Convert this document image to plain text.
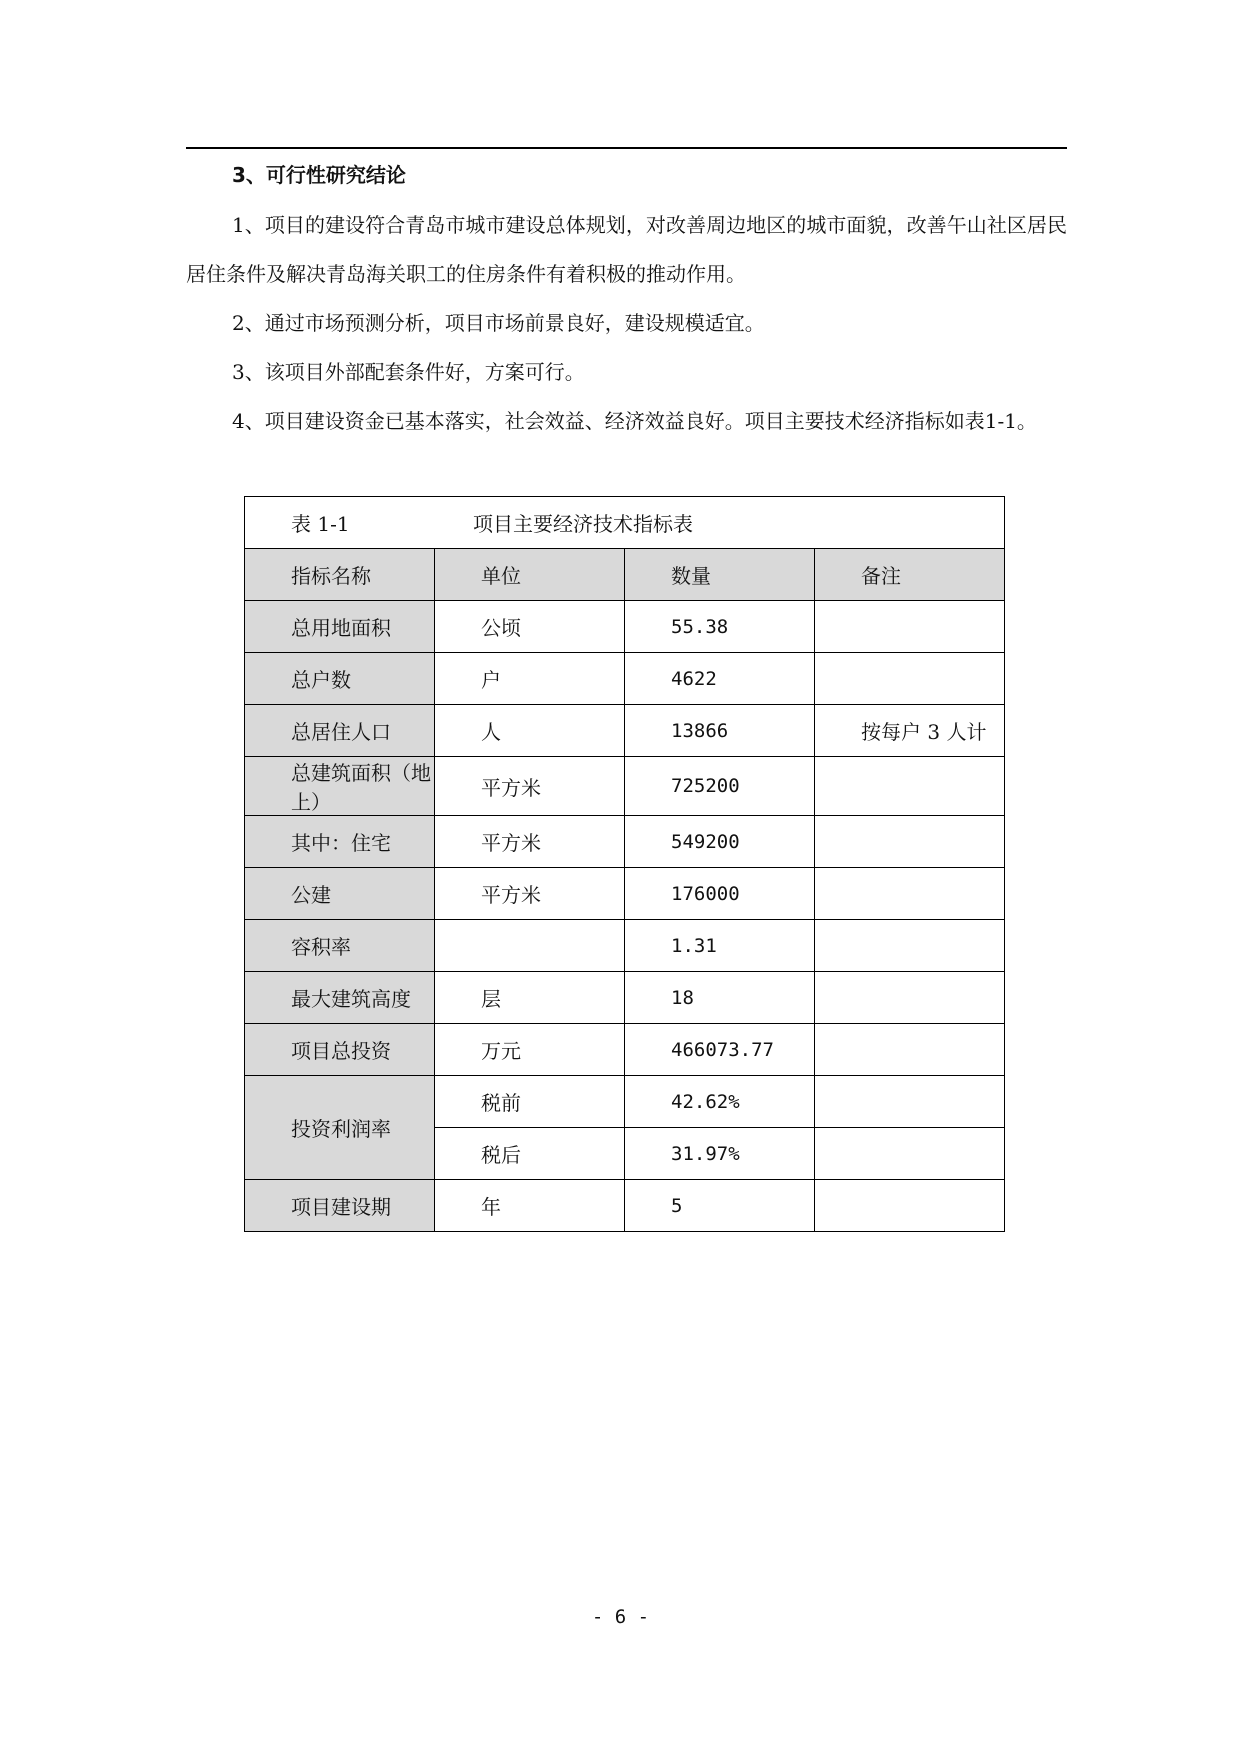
3、可行性研究结论
1、项目的建设符合青岛市城市建设总体规划，对改善周边地区的城市面貌，改善午山社区居民居住条件及解决青岛海关职工的住房条件有着积极的推动作用。
2、通过市场预测分析，项目市场前景良好，建设规模适宜。
3、该项目外部配套条件好，方案可行。
4、项目建设资金已基本落实，社会效益、经济效益良好。项目主要技术经济指标如表1-1。
表 1-1 项目主要经济技术指标表			
指标名称	单位	数量	备注
总用地面积	公顷	55.38	
总户数	户	4622	
总居住人口	人	13866	按每户 3 人计
总建筑面积（地上）	平方米	725200	
其中：住宅	平方米	549200	
公建	平方米	176000	
容积率		1.31	
最大建筑高度	层	18	
项目总投资	万元	466073.77	
投资利润率	税前	42.62%	
	税后	31.97%	
项目建设期	年	5	
- 6 -
